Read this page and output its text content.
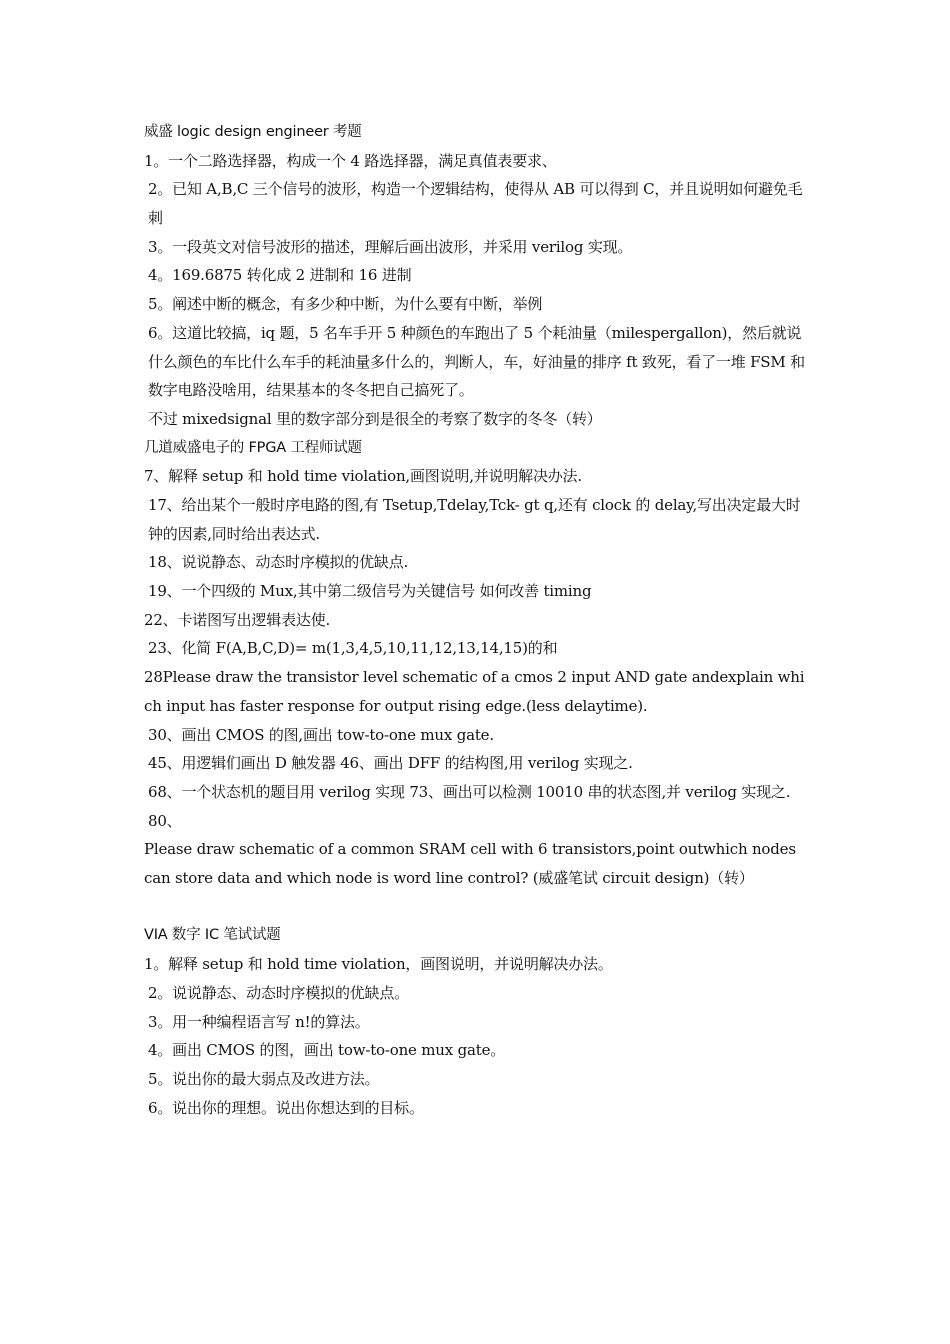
威盛 logic design engineer 考题
1。一个二路选择器，构成一个 4 路选择器，满足真值表要求、
2。已知 A,B,C 三个信号的波形，构造一个逻辑结构，使得从 AB 可以得到 C，并且说明如何避免毛刺
3。一段英文对信号波形的描述，理解后画出波形，并采用 verilog 实现。
4。169.6875 转化成 2 进制和 16 进制
5。阐述中断的概念，有多少种中断，为什么要有中断，举例
6。这道比较搞，iq 题，5 名车手开 5 种颜色的车跑出了 5 个耗油量（milespergallon)，然后就说什么颜色的车比什么车手的耗油量多什么的，判断人，车，好油量的排序 ft 致死，看了一堆 FSM 和数字电路没啥用，结果基本的冬冬把自己搞死了。
不过 mixedsignal 里的数字部分到是很全的考察了数字的冬冬（转）
几道威盛电子的 FPGA 工程师试题
7、解释 setup 和 hold time violation,画图说明,并说明解决办法.
17、给出某个一般时序电路的图,有 Tsetup,Tdelay,Tck- gt q,还有 clock 的 delay,写出决定最大时钟的因素,同时给出表达式.
18、说说静态、动态时序模拟的优缺点.
19、一个四级的 Mux,其中第二级信号为关键信号 如何改善 timing
22、卡诺图写出逻辑表达使.
23、化简 F(A,B,C,D)= m(1,3,4,5,10,11,12,13,14,15)的和
28Please draw the transistor level schematic of a cmos 2 input AND gate andexplain which input has faster response for output rising edge.(less delaytime).
30、画出 CMOS 的图,画出 tow-to-one mux gate.
45、用逻辑们画出 D 触发器 46、画出 DFF 的结构图,用 verilog 实现之.
68、一个状态机的题目用 verilog 实现 73、画出可以检测 10010 串的状态图,并 verilog 实现之.
80、
Please draw schematic of a common SRAM cell with 6 transistors,point outwhich nodes can store data and which node is word line control? (威盛笔试 circuit design)（转）
VIA 数字 IC 笔试试题
1。解释 setup 和 hold time violation，画图说明，并说明解决办法。
2。说说静态、动态时序模拟的优缺点。
3。用一种编程语言写 n!的算法。
4。画出 CMOS 的图，画出 tow-to-one mux gate。
5。说出你的最大弱点及改进方法。
6。说出你的理想。说出你想达到的目标。
